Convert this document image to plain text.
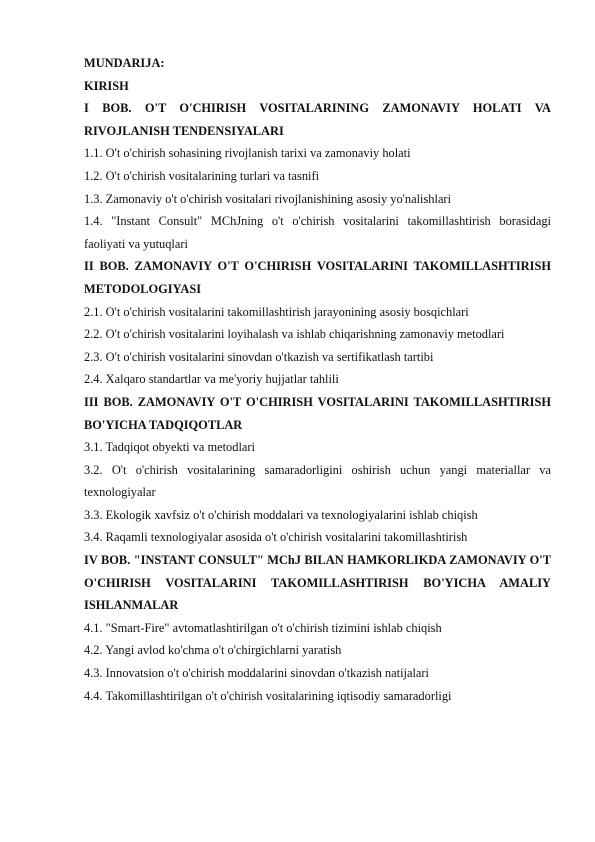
MUNDARIJA:

KIRISH

I BOB. O'T O'CHIRISH VOSITALARINING ZAMONAVIY HOLATI VA RIVOJLANISH TENDENSIYALARI

1.1. O't o'chirish sohasining rivojlanish tarixi va zamonaviy holati

1.2. O't o'chirish vositalarining turlari va tasnifi

1.3. Zamonaviy o't o'chirish vositalari rivojlanishining asosiy yo'nalishlari

1.4. "Instant Consult" MChJning o't o'chirish vositalarini takomillashtirish borasidagi faoliyati va yutuqlari

II BOB. ZAMONAVIY O'T O'CHIRISH VOSITALARINI TAKOMILLASHTIRISH METODOLOGIYASI

2.1. O't o'chirish vositalarini takomillashtirish jarayonining asosiy bosqichlari

2.2. O't o'chirish vositalarini loyihalash va ishlab chiqarishning zamonaviy metodlari

2.3. O't o'chirish vositalarini sinovdan o'tkazish va sertifikatlash tartibi

2.4. Xalqaro standartlar va me'yoriy hujjatlar tahlili

III BOB. ZAMONAVIY O'T O'CHIRISH VOSITALARINI TAKOMILLASHTIRISH BO'YICHA TADQIQOTLAR

3.1. Tadqiqot obyekti va metodlari

3.2. O't o'chirish vositalarining samaradorligini oshirish uchun yangi materiallar va texnologiyalar

3.3. Ekologik xavfsiz o't o'chirish moddalari va texnologiyalarini ishlab chiqish

3.4. Raqamli texnologiyalar asosida o't o'chirish vositalarini takomillashtirish

IV BOB. "INSTANT CONSULT" MChJ BILAN HAMKORLIKDA ZAMONAVIY O'T O'CHIRISH VOSITALARINI TAKOMILLASHTIRISH BO'YICHA AMALIY ISHLANMALAR

4.1. "Smart-Fire" avtomatlashtirilgan o't o'chirish tizimini ishlab chiqish

4.2. Yangi avlod ko'chma o't o'chirgichlarni yaratish

4.3. Innovatsion o't o'chirish moddalarini sinovdan o'tkazish natijalari

4.4. Takomillashtirilgan o't o'chirish vositalarining iqtisodiy samaradorligi
